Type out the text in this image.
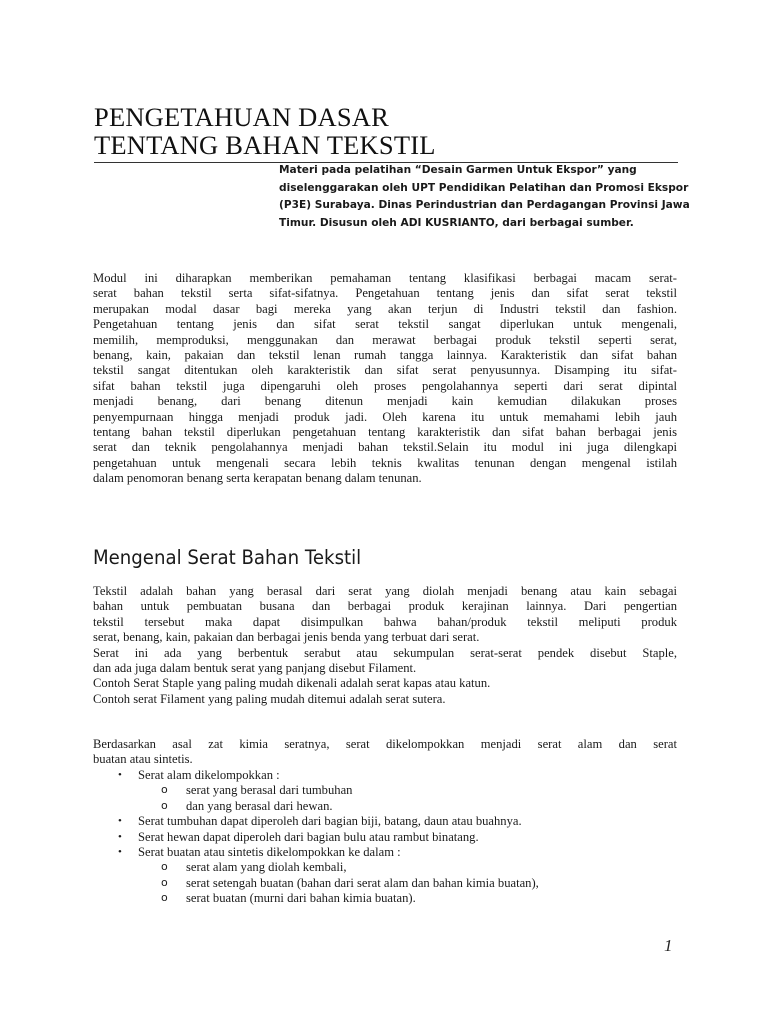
PENGETAHUAN DASAR
TENTANG BAHAN TEKSTIL
Materi pada pelatihan “Desain Garmen Untuk Ekspor” yang
diselenggarakan oleh UPT Pendidikan Pelatihan dan Promosi Ekspor
(P3E) Surabaya. Dinas Perindustrian dan Perdagangan Provinsi Jawa
Timur. Disusun oleh ADI KUSRIANTO, dari berbagai sumber.
Modul ini diharapkan memberikan pemahaman tentang klasifikasi berbagai macam serat-
serat bahan tekstil serta sifat-sifatnya. Pengetahuan tentang jenis dan sifat serat tekstil
merupakan modal dasar bagi mereka yang akan terjun di Industri tekstil dan fashion.
Pengetahuan tentang jenis dan sifat serat tekstil sangat diperlukan untuk mengenali,
memilih, memproduksi, menggunakan dan merawat berbagai produk tekstil seperti serat,
benang, kain, pakaian dan tekstil lenan rumah tangga lainnya. Karakteristik dan sifat bahan
tekstil sangat ditentukan oleh karakteristik dan sifat serat penyusunnya. Disamping itu sifat-
sifat bahan tekstil juga dipengaruhi oleh proses pengolahannya seperti dari serat dipintal
menjadi benang, dari benang ditenun menjadi kain kemudian dilakukan proses
penyempurnaan hingga menjadi produk jadi. Oleh karena itu untuk memahami lebih jauh
tentang bahan tekstil diperlukan pengetahuan tentang karakteristik dan sifat bahan berbagai jenis
serat dan teknik pengolahannya menjadi bahan tekstil.Selain itu modul ini juga dilengkapi
pengetahuan untuk mengenali secara lebih teknis kwalitas tenunan dengan mengenal istilah
dalam penomoran benang serta kerapatan benang dalam tenunan.
Mengenal Serat Bahan Tekstil
Tekstil adalah bahan yang berasal dari serat yang diolah menjadi benang atau kain sebagai
bahan untuk pembuatan busana dan berbagai produk kerajinan lainnya. Dari pengertian
tekstil tersebut maka dapat disimpulkan bahwa bahan/produk tekstil meliputi produk
serat, benang, kain, pakaian dan berbagai jenis benda yang terbuat dari serat.
Serat ini ada yang berbentuk serabut atau sekumpulan serat-serat pendek disebut Staple,
dan ada juga dalam bentuk serat yang panjang disebut Filament.
Contoh Serat Staple yang paling mudah dikenali adalah serat kapas atau katun.
Contoh serat Filament yang paling mudah ditemui adalah serat sutera.
Berdasarkan asal zat kimia seratnya, serat dikelompokkan menjadi serat alam dan serat
buatan atau sintetis.
• Serat alam dikelompokkan :
o serat yang berasal dari tumbuhan
o dan yang berasal dari hewan.
• Serat tumbuhan dapat diperoleh dari bagian biji, batang, daun atau buahnya.
• Serat hewan dapat diperoleh dari bagian bulu atau rambut binatang.
• Serat buatan atau sintetis dikelompokkan ke dalam :
o serat alam yang diolah kembali,
o serat setengah buatan (bahan dari serat alam dan bahan kimia buatan),
o serat buatan (murni dari bahan kimia buatan).
1
